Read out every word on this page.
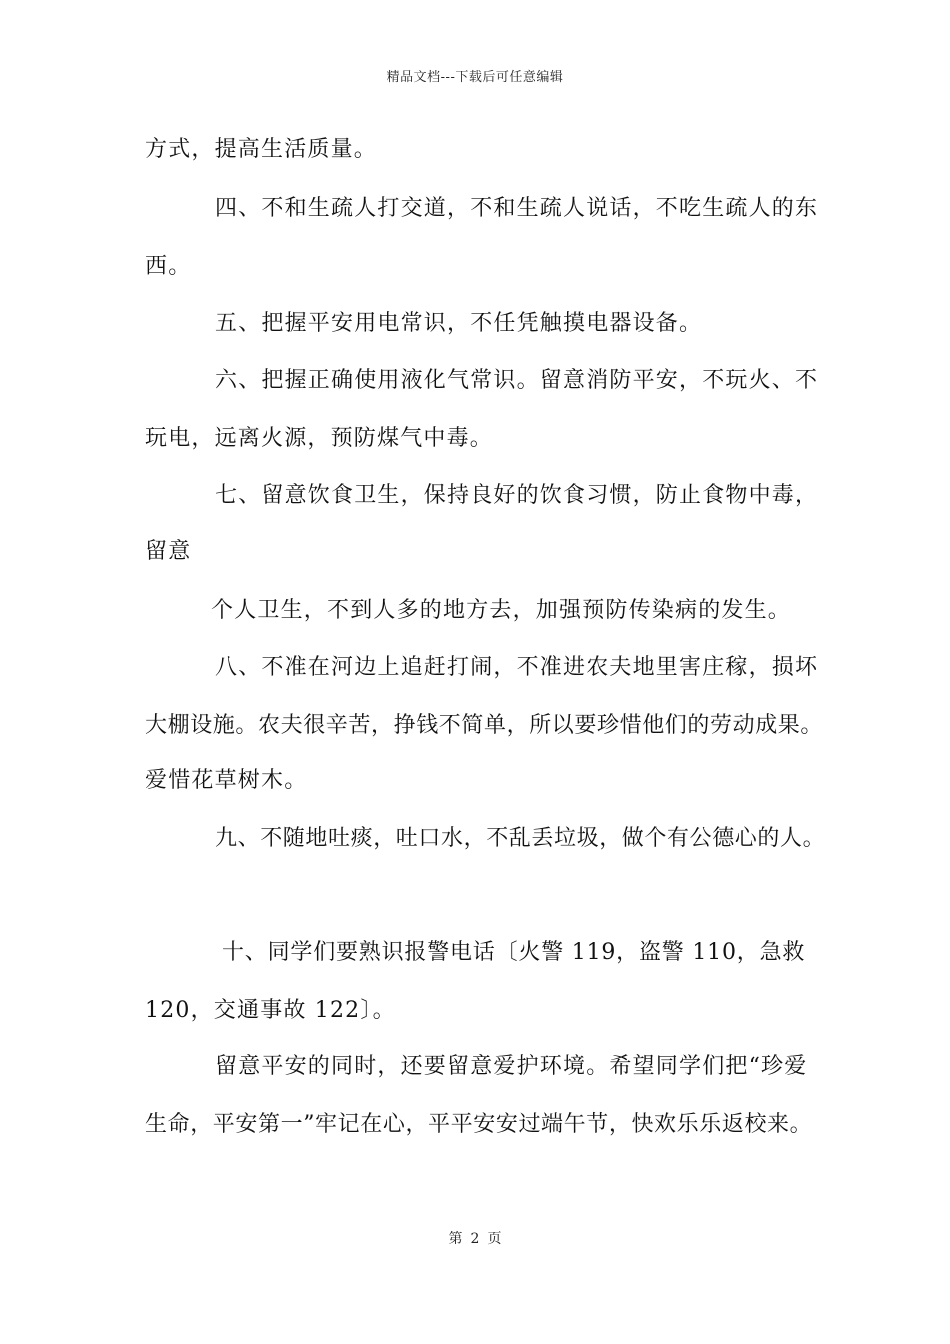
精品文档---下载后可任意编辑
方式，提高生活质量。
四、不和生疏人打交道，不和生疏人说话，不吃生疏人的东
西。
五、把握平安用电常识，不任凭触摸电器设备。
六、把握正确使用液化气常识。留意消防平安，不玩火、不
玩电，远离火源，预防煤气中毒。
七、留意饮食卫生，保持良好的饮食习惯，防止食物中毒，
留意
个人卫生，不到人多的地方去，加强预防传染病的发生。
八、不准在河边上追赶打闹，不准进农夫地里害庄稼，损坏
大棚设施。农夫很辛苦，挣钱不简单，所以要珍惜他们的劳动成果。
爱惜花草树木。
九、不随地吐痰，吐口水，不乱丢垃圾，做个有公德心的人。
十、同学们要熟识报警电话〔火警 119，盗警 110，急救
120，交通事故 122〕。
留意平安的同时，还要留意爱护环境。希望同学们把“珍爱
生命，平安第一”牢记在心，平平安安过端午节，快欢乐乐返校来。
第 2 页
